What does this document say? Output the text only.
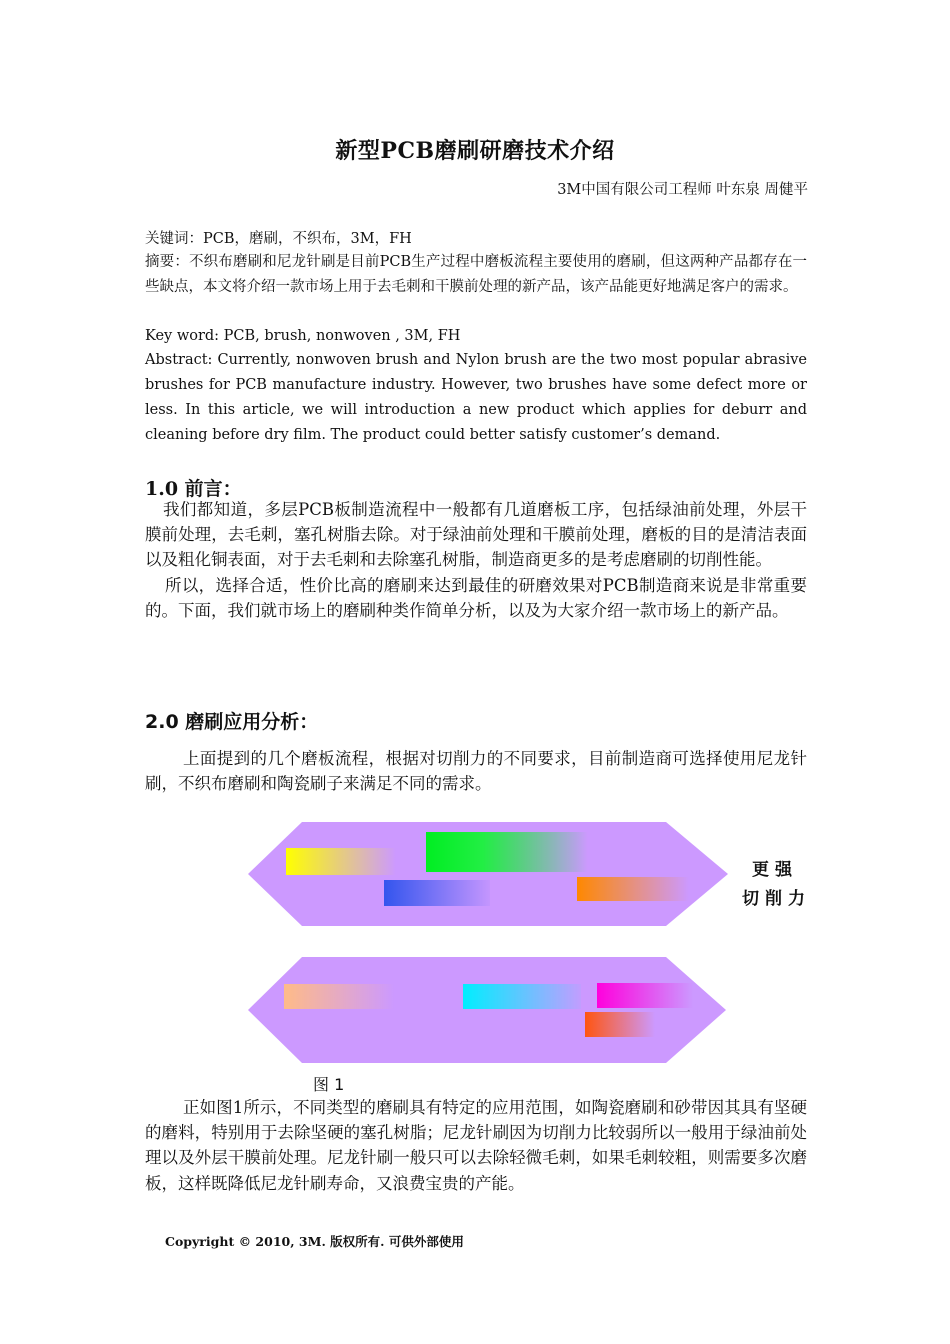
新型PCB磨刷研磨技术介绍
3M中国有限公司工程师 叶东泉 周健平
关键词：PCB，磨刷，不织布，3M，FH
摘要：不织布磨刷和尼龙针刷是目前PCB生产过程中磨板流程主要使用的磨刷，但这两种产品都存在一些缺点，本文将介绍一款市场上用于去毛刺和干膜前处理的新产品，该产品能更好地满足客户的需求。
Key word: PCB, brush, nonwoven , 3M, FH
Abstract: Currently, nonwoven brush and Nylon brush are the two most popular abrasive brushes for PCB manufacture industry. However, two brushes have some defect more or less. In this article, we will introduction a new product which applies for deburr and cleaning before dry film. The product could better satisfy customer’s demand.
1.0 前言：

我们都知道，多层PCB板制造流程中一般都有几道磨板工序，包括绿油前处理，外层干膜前处理，去毛刺，塞孔树脂去除。对于绿油前处理和干膜前处理，磨板的目的是清洁表面以及粗化铜表面，对于去毛刺和去除塞孔树脂，制造商更多的是考虑磨刷的切削性能。

所以，选择合适，性价比高的磨刷来达到最佳的研磨效果对PCB制造商来说是非常重要的。下面，我们就市场上的磨刷种类作简单分析，以及为大家介绍一款市场上的新产品。

2.0 磨刷应用分析：

上面提到的几个磨板流程，根据对切削力的不同要求，目前制造商可选择使用尼龙针刷，不织布磨刷和陶瓷刷子来满足不同的需求。

更强
切削力
图 1

正如图1所示，不同类型的磨刷具有特定的应用范围，如陶瓷磨刷和砂带因其具有坚硬的磨料，特别用于去除坚硬的塞孔树脂；尼龙针刷因为切削力比较弱所以一般用于绿油前处理以及外层干膜前处理。尼龙针刷一般只可以去除轻微毛刺，如果毛刺较粗，则需要多次磨板，这样既降低尼龙针刷寿命，又浪费宝贵的产能。

Copyright © 2010, 3M. 版权所有. 可供外部使用
